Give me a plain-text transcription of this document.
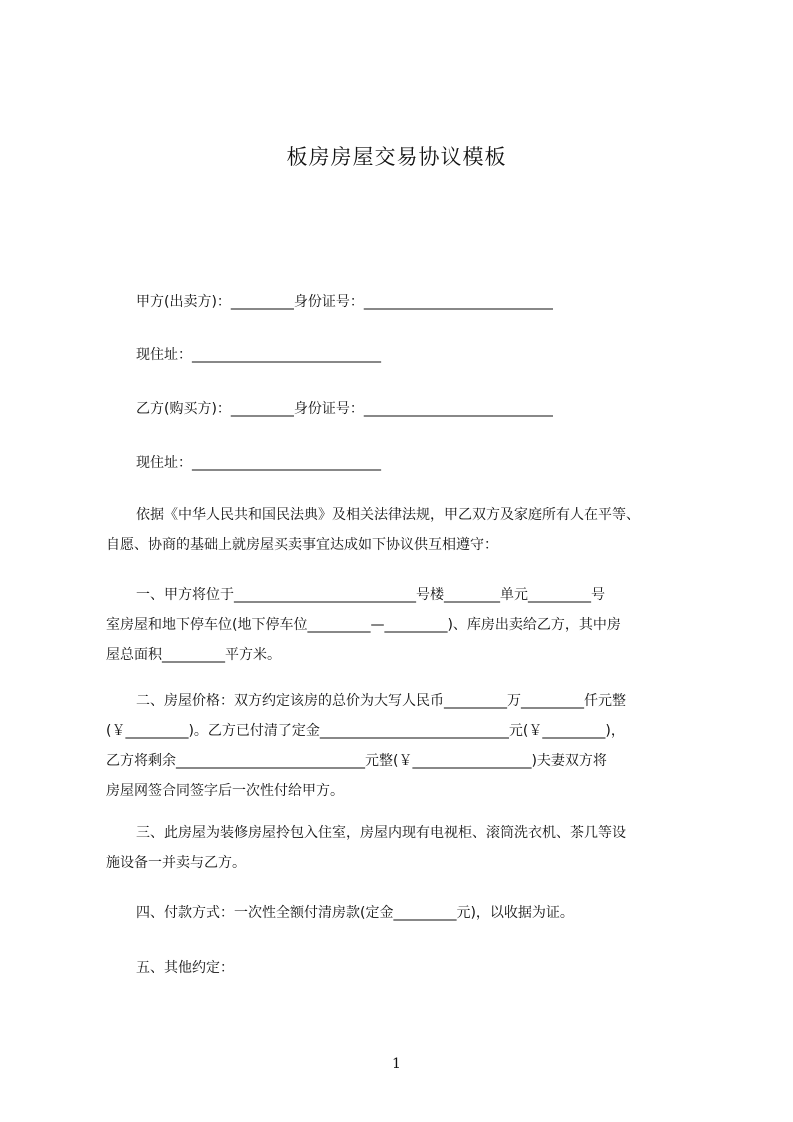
板房房屋交易协议模板
甲方(出卖方)：_________身份证号：___________________________
现住址：___________________________
乙方(购买方)：_________身份证号：___________________________
现住址：___________________________
依据《中华人民共和国民法典》及相关法律法规，甲乙双方及家庭所有人在平等、
自愿、协商的基础上就房屋买卖事宜达成如下协议供互相遵守：
一、甲方将位于__________________________号楼________单元_________号
室房屋和地下停车位(地下停车位_________—_________)、库房出卖给乙方，其中房
屋总面积_________平方米。
二、房屋价格：双方约定该房的总价为大写人民币_________万_________仟元整
(￥_________)。乙方已付清了定金___________________________元(￥_________)，
乙方将剩余___________________________元整(￥_________________)夫妻双方将
房屋网签合同签字后一次性付给甲方。
三、此房屋为装修房屋拎包入住室，房屋内现有电视柜、滚筒洗衣机、茶几等设
施设备一并卖与乙方。
四、付款方式：一次性全额付清房款(定金_________元)，以收据为证。
五、其他约定：
1
